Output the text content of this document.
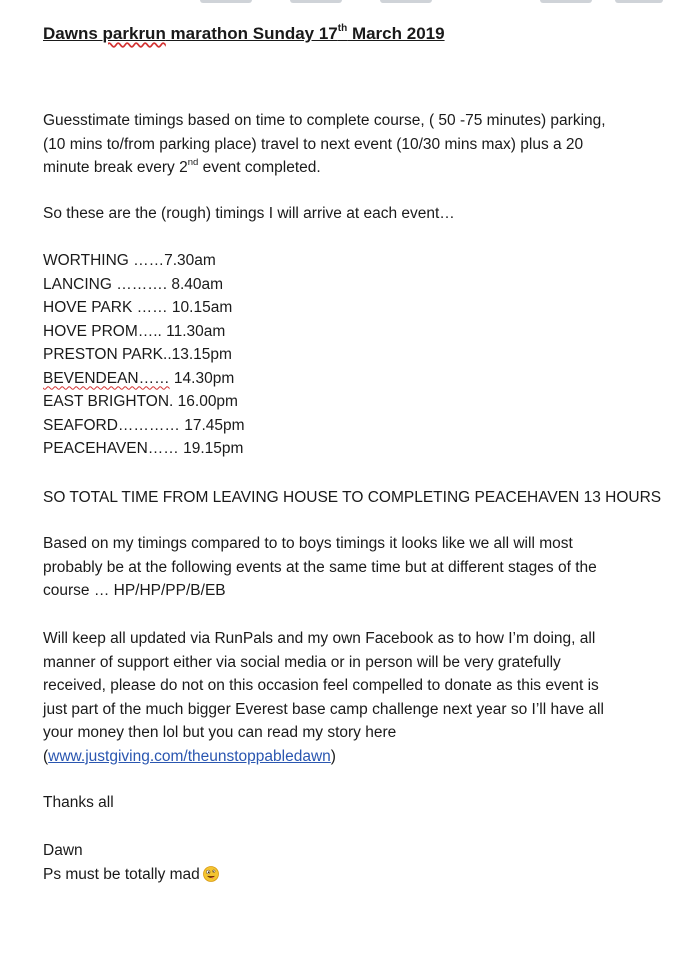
Dawns parkrun marathon Sunday 17th March 2019
Guesstimate timings based on time to complete course, ( 50 -75 minutes) parking,
(10 mins to/from parking place) travel to next event (10/30 mins max) plus a 20
minute break every 2nd event completed.
So these are the (rough) timings I will arrive at each event…
WORTHING ……7.30am
LANCING ………. 8.40am
HOVE PARK …… 10.15am
HOVE PROM….. 11.30am
PRESTON PARK..13.15pm
BEVENDEAN…… 14.30pm
EAST BRIGHTON. 16.00pm
SEAFORD………… 17.45pm
PEACEHAVEN…… 19.15pm
SO TOTAL TIME FROM LEAVING HOUSE TO COMPLETING PEACEHAVEN 13 HOURS
Based on my timings compared to to boys timings it looks like we all will most
probably be at the following events at the same time but at different stages of the
course … HP/HP/PP/B/EB
Will keep all updated via RunPals and my own Facebook as to how I’m doing, all
manner of support either via social media or in person will be very gratefully
received, please do not on this occasion feel compelled to donate as this event is
just part of the much bigger Everest base camp challenge next year so I’ll have all
your money then lol but you can read my story here
(www.justgiving.com/theunstoppabledawn)
Thanks all
Dawn
Ps must be totally mad
